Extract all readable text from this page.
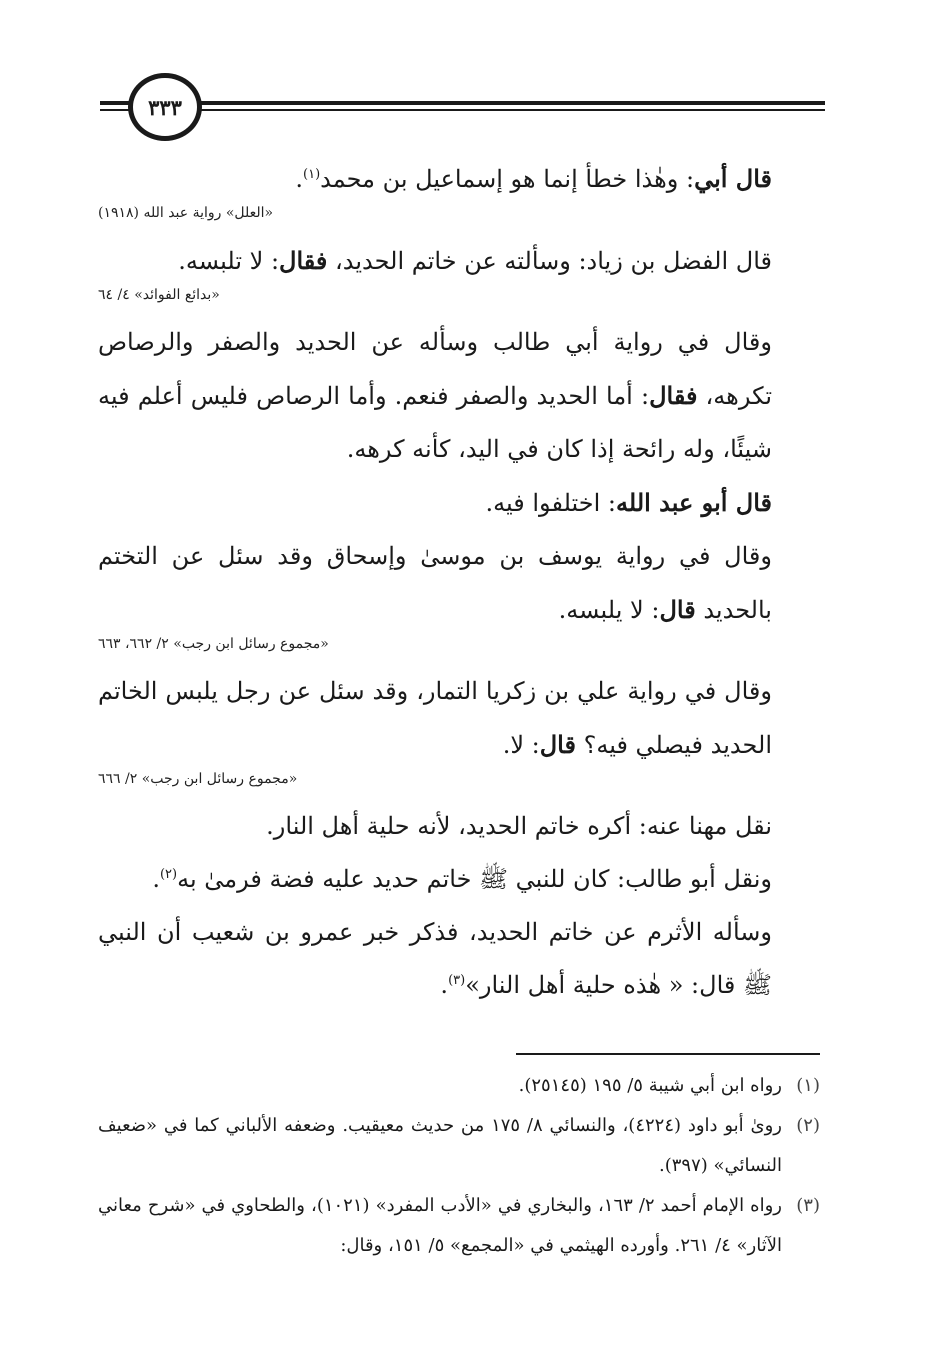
٣٣٣

قال أبي: وهٰذا خطأ إنما هو إسماعيل بن محمد$^{(١)}$.

«العلل» رواية عبد الله (١٩١٨)

قال الفضل بن زياد: وسألته عن خاتم الحديد، فقال: لا تلبسه.

«بدائع الفوائد» ٤/ ٦٤

وقال في رواية أبي طالب وسأله عن الحديد والصفر والرصاص تكرهه، فقال: أما الحديد والصفر فنعم. وأما الرصاص فليس أعلم فيه شيئًا، وله رائحة إذا كان في اليد، كأنه كرهه.

قال أبو عبد الله: اختلفوا فيه.

وقال في رواية يوسف بن موسىٰ وإسحاق وقد سئل عن التختم بالحديد قال: لا يلبسه.

«مجموع رسائل ابن رجب» ٢/ ٦٦٢، ٦٦٣

وقال في رواية علي بن زكريا التمار، وقد سئل عن رجل يلبس الخاتم الحديد فيصلي فيه؟ قال: لا.

«مجموع رسائل ابن رجب» ٢/ ٦٦٦

نقل مهنا عنه: أكره خاتم الحديد، لأنه حلية أهل النار.

ونقل أبو طالب: كان للنبي ﷺ خاتم حديد عليه فضة فرمىٰ به$^{(٢)}$.

وسأله الأثرم عن خاتم الحديد، فذكر خبر عمرو بن شعيب أن النبي ﷺ قال: « هٰذه حلية أهل النار»$^{(٣)}$.

(١)
رواه ابن أبي شيبة ٥/ ١٩٥ (٢٥١٤٥).
(٢)
رویٰ أبو داود (٤٢٢٤)، والنسائي ٨/ ١٧٥ من حديث معيقيب. وضعفه الألباني كما في «ضعيف النسائي» (٣٩٧).
(٣)
رواه الإمام أحمد ٢/ ١٦٣، والبخاري في «الأدب المفرد» (١٠٢١)، والطحاوي في «شرح معاني الآثار» ٤/ ٢٦١. وأورده الهيثمي في «المجمع» ٥/ ١٥١، وقال:
